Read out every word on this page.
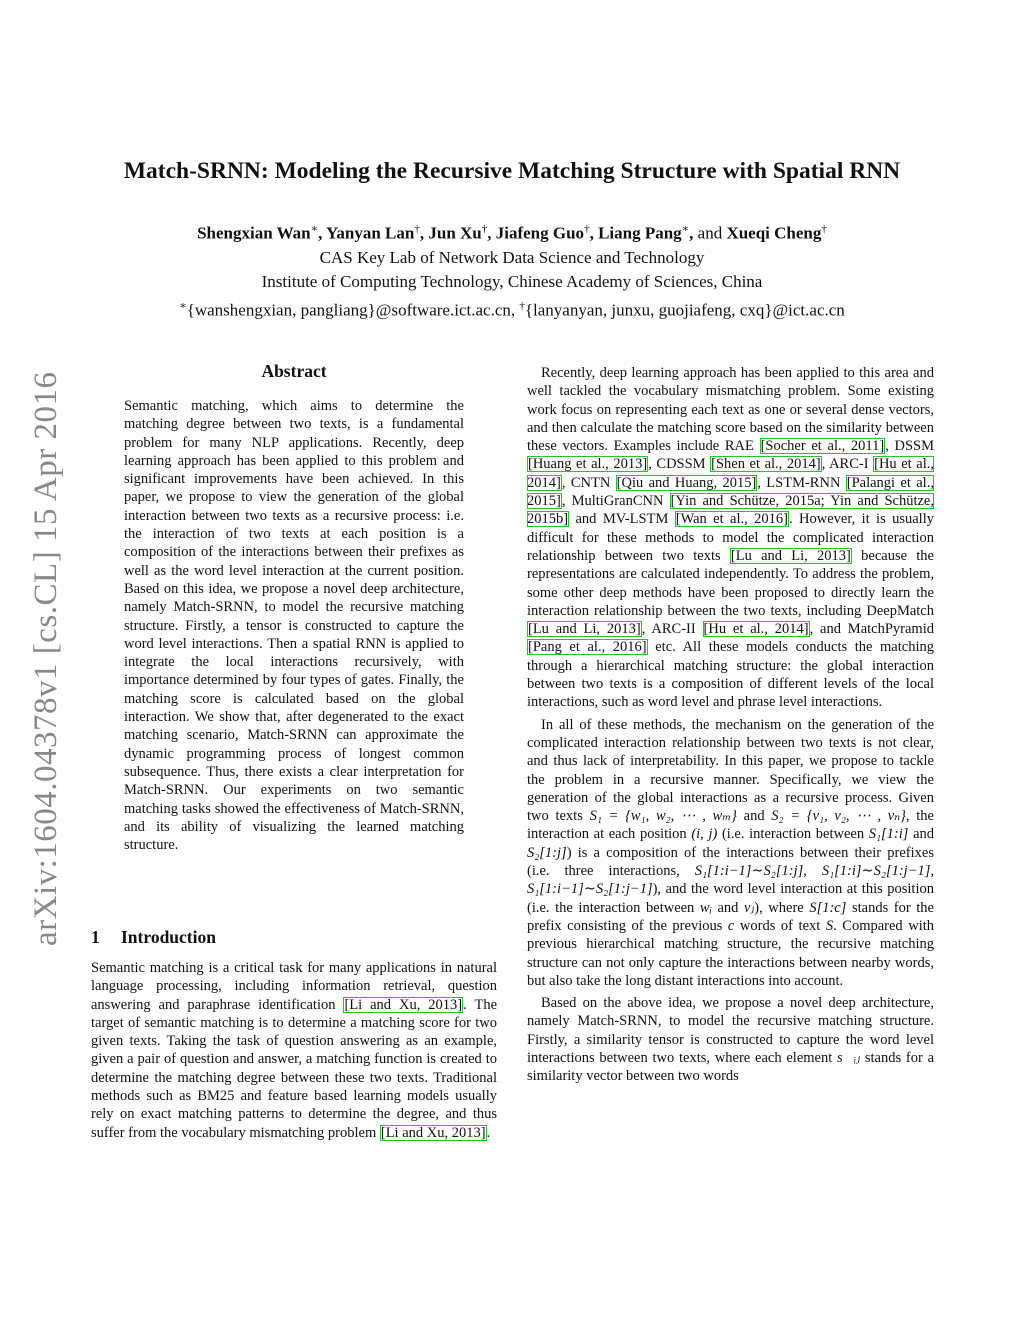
Match-SRNN: Modeling the Recursive Matching Structure with Spatial RNN
Shengxian Wan∗, Yanyan Lan†, Jun Xu†, Jiafeng Guo†, Liang Pang∗, and Xueqi Cheng†
CAS Key Lab of Network Data Science and Technology
Institute of Computing Technology, Chinese Academy of Sciences, China
∗{wanshengxian, pangliang}@software.ict.ac.cn, †{lanyanyan, junxu, guojiafeng, cxq}@ict.ac.cn
arXiv:1604.04378v1 [cs.CL] 15 Apr 2016
Abstract

Semantic matching, which aims to determine the matching degree between two texts, is a fundamental problem for many NLP applications. Recently, deep learning approach has been applied to this problem and significant improvements have been achieved. In this paper, we propose to view the generation of the global interaction between two texts as a recursive process: i.e. the interaction of two texts at each position is a composition of the interactions between their prefixes as well as the word level interaction at the current position. Based on this idea, we propose a novel deep architecture, namely Match-SRNN, to model the recursive matching structure. Firstly, a tensor is constructed to capture the word level interactions. Then a spatial RNN is applied to integrate the local interactions recursively, with importance determined by four types of gates. Finally, the matching score is calculated based on the global interaction. We show that, after degenerated to the exact matching scenario, Match-SRNN can approximate the dynamic programming process of longest common subsequence. Thus, there exists a clear interpretation for Match-SRNN. Our experiments on two semantic matching tasks showed the effectiveness of Match-SRNN, and its ability of visualizing the learned matching structure.

1 Introduction

Semantic matching is a critical task for many applications in natural language processing, including information retrieval, question answering and paraphrase identification [Li and Xu, 2013]. The target of semantic matching is to determine a matching score for two given texts. Taking the task of question answering as an example, given a pair of question and answer, a matching function is created to determine the matching degree between these two texts. Traditional methods such as BM25 and feature based learning models usually rely on exact matching patterns to determine the degree, and thus suffer from the vocabulary mismatching problem [Li and Xu, 2013].

Recently, deep learning approach has been applied to this area and well tackled the vocabulary mismatching problem. Some existing work focus on representing each text as one or several dense vectors, and then calculate the matching score based on the similarity between these vectors. Examples include RAE [Socher et al., 2011], DSSM [Huang et al., 2013], CDSSM [Shen et al., 2014], ARC-I [Hu et al., 2014], CNTN [Qiu and Huang, 2015], LSTM-RNN [Palangi et al., 2015], MultiGranCNN [Yin and Schütze, 2015a; Yin and Schütze, 2015b] and MV-LSTM [Wan et al., 2016]. However, it is usually difficult for these methods to model the complicated interaction relationship between two texts [Lu and Li, 2013] because the representations are calculated independently. To address the problem, some other deep methods have been proposed to directly learn the interaction relationship between the two texts, including DeepMatch [Lu and Li, 2013], ARC-II [Hu et al., 2014], and MatchPyramid [Pang et al., 2016] etc. All these models conducts the matching through a hierarchical matching structure: the global interaction between two texts is a composition of different levels of the local interactions, such as word level and phrase level interactions.

In all of these methods, the mechanism on the generation of the complicated interaction relationship between two texts is not clear, and thus lack of interpretability. In this paper, we propose to tackle the problem in a recursive manner. Specifically, we view the generation of the global interactions as a recursive process. Given two texts S₁ = {w₁, w₂, ⋯ , wₘ} and S₂ = {v₁, v₂, ⋯ , vₙ}, the interaction at each position (i, j) (i.e. interaction between S₁[1:i] and S₂[1:j]) is a composition of the interactions between their prefixes (i.e. three interactions, S₁[1:i−1]∼S₂[1:j], S₁[1:i]∼S₂[1:j−1], S₁[1:i−1]∼S₂[1:j−1]), and the word level interaction at this position (i.e. the interaction between wᵢ and vⱼ), where S[1:c] stands for the prefix consisting of the previous c words of text S. Compared with previous hierarchical matching structure, the recursive matching structure can not only capture the interactions between nearby words, but also take the long distant interactions into account.

Based on the above idea, we propose a novel deep architecture, namely Match-SRNN, to model the recursive matching structure. Firstly, a similarity tensor is constructed to capture the word level interactions between two texts, where each element s⃗ᵢⱼ stands for a similarity vector between two words
